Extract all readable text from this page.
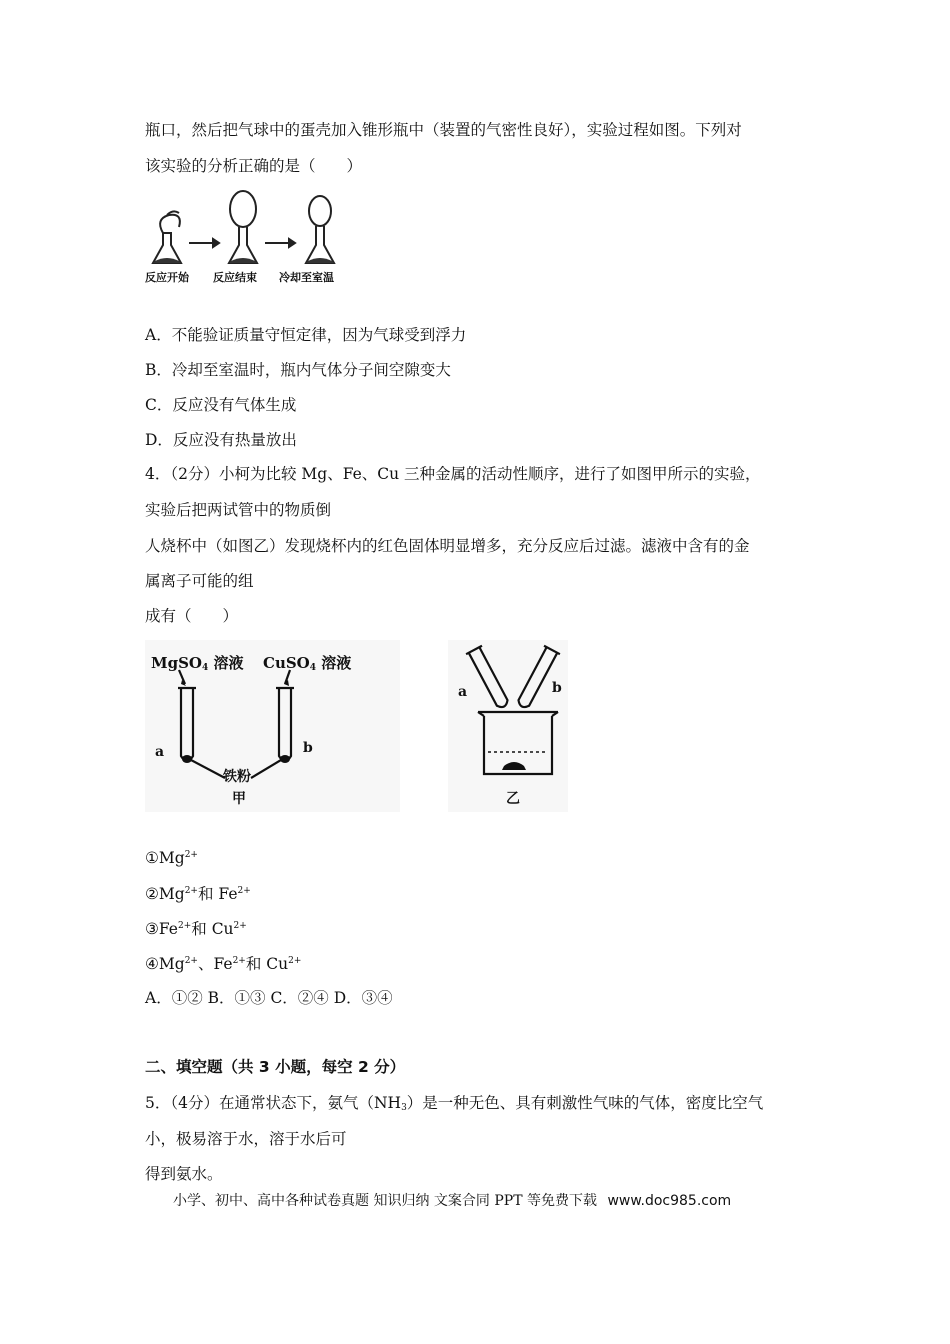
瓶口，然后把气球中的蛋壳加入锥形瓶中（装置的气密性良好），实验过程如图。下列对
该实验的分析正确的是（　　）
反应开始 反应结束 冷却至室温
A．不能验证质量守恒定律，因为气球受到浮力
B．冷却至室温时，瓶内气体分子间空隙变大
C．反应没有气体生成
D．反应没有热量放出
4．（2分）小柯为比较 Mg、Fe、Cu 三种金属的活动性顺序，进行了如图甲所示的实验，
实验后把两试管中的物质倒
人烧杯中（如图乙）发现烧杯内的红色固体明显增多，充分反应后过滤。滤液中含有的金
属离子可能的组
成有（　　）
MgSO$_4$ 溶液 CuSO$_4$ 溶液
a	b
铁粉
甲
a	b
乙
$①Mg^{2+}$
$②Mg^{2+}$和 $Fe^{2+}$
$③Fe^{2+}$和 $Cu^{2+}$
$④Mg^{2+}$、$Fe^{2+}$和 $Cu^{2+}$
A．①② B．①③ C．②④ D．③④
二、填空题（共 3 小题，每空 2 分）
5．（4分）在通常状态下，氨气$(NH_3)$是一种无色、具有刺激性气味的气体，密度比空气
小，极易溶于水，溶于水后可
得到氨水。
小学、初中、高中各种试卷真题 知识归纳 文案合同 PPT 等免费下载 www.doc985.com
